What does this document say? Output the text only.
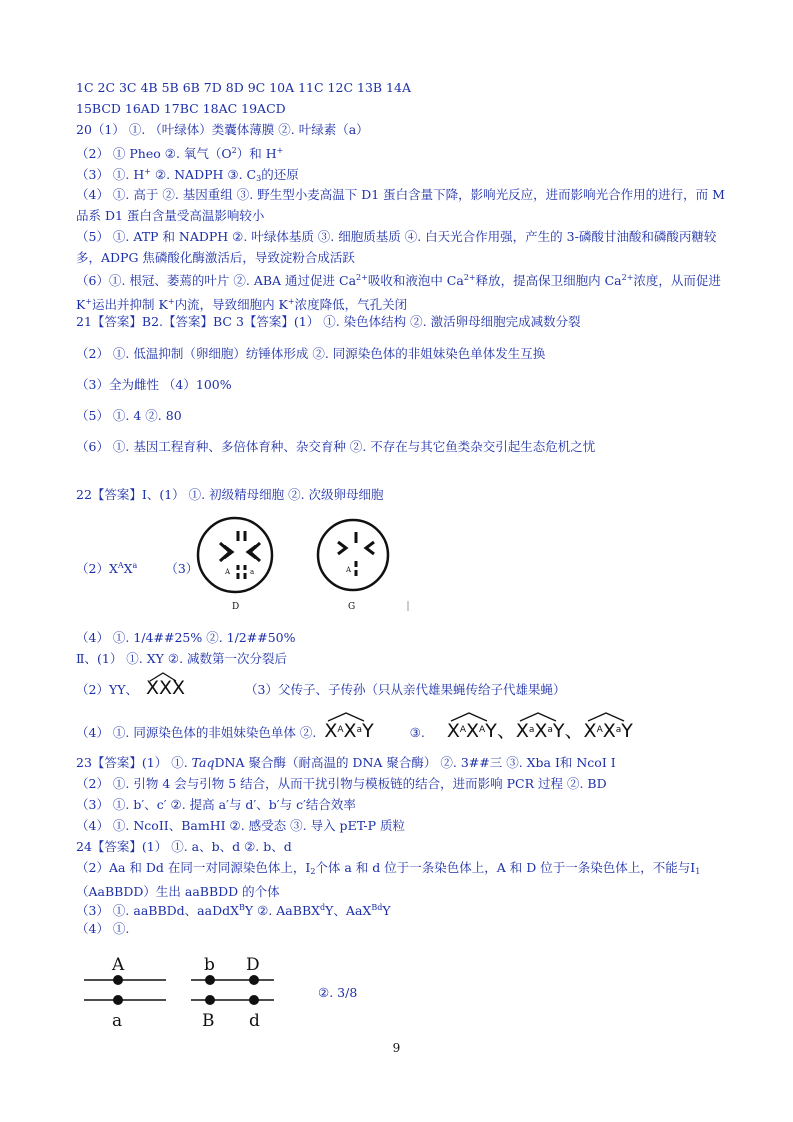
1C 2C 3C 4B 5B 6B 7D 8D 9C 10A 11C 12C 13B 14A
15BCD 16AD 17BC 18AC 19ACD
20（1） ①. （叶绿体）类囊体薄膜 ②. 叶绿素（a）
（2） ① Pheo ②. 氧气$(O^2)$和 H+
（3） ①. H+ ②. NADPH ③. $C_3$的还原
（4） ①. 高于 ②. 基因重组 ③. 野生型小麦高温下 D1 蛋白含量下降，影响光反应，进而影响光合作用的进行，而 M 品系 D1 蛋白含量受高温影响较小
（5） ①. ATP 和 NADPH ②. 叶绿体基质 ③. 细胞质基质 ④. 白天光合作用强，产生的 3-磷酸甘油酸和磷酸丙糖较多，ADPG 焦磷酸化酶激活后，导致淀粉合成活跃
（6）①. 根冠、萎蔫的叶片 ②. ABA 通过促进 $Ca^{2+}$吸收和液泡中 $Ca^{2+}$释放，提高保卫细胞内 $Ca^{2+}$浓度，从而促进 K+运出并抑制 K+内流，导致细胞内 K+浓度降低，气孔关闭
21【答案】B2.【答案】BC 3【答案】(1） ①. 染色体结构 ②. 激活卵母细胞完成减数分裂
（2） ①. 低温抑制（卵细胞）纺锤体形成 ②. 同源染色体的非姐妹染色单体发生互换
（3）全为雌性 （4）100%
（5） ①. 4 ②. 80
（6） ①. 基因工程育种、多倍体育种、杂交育种 ②. 不存在与其它鱼类杂交引起生态危机之忧
22【答案】Ⅰ、(1） ①. 初级精母细胞 ②. 次级卵母细胞
$(2)X^AX^a$ （3）	A	a
D
A
G
（4） ①. 1/4##25% ②. 1/2##50%
Ⅱ、(1） ①. XY ②. 减数第一次分裂后
（2）YY、 XXX	（3）父传子、子传孙（只从亲代雄果蝇传给子代雄果蝇）
（4） ①. 同源染色体的非姐妹染色单体 ②. $X^AX^aY$	③. $X^AX^AY$、
$X^aX^aY$、
$X^AX^aY$
23【答案】(1） ①. TaqDNA 聚合酶（耐高温的 DNA 聚合酶） ②. 3##三 ③. Xba Ⅰ和 NcoI Ⅰ
（2） ①. 引物 4 会与引物 5 结合，从而干扰引物与模板链的结合，进而影响 PCR 过程 ②. BD
（3） ①. b′、c′ ②. 提高 a′与 d′、b′与 c′结合效率
（4） ①. NcoII、BamHI ②. 感受态 ③. 导入 pET-P 质粒
24【答案】(1） ①. a、b、d ②. b、d
（2）Aa 和 Dd 在同一对同源染色体上，$I_2$个体 a 和 d 位于一条染色体上，A 和 D 位于一条染色体上，不能与$I_1(AaBBDD)$生出 aaBBDD 的个体
（3） ①. aaBBDd、aaDdX$^B$Y ②. AaBBX$^d$Y、AaX$^{Bd}$Y
（4） ①.
A
a
b D
B d
②. 3/8
9
